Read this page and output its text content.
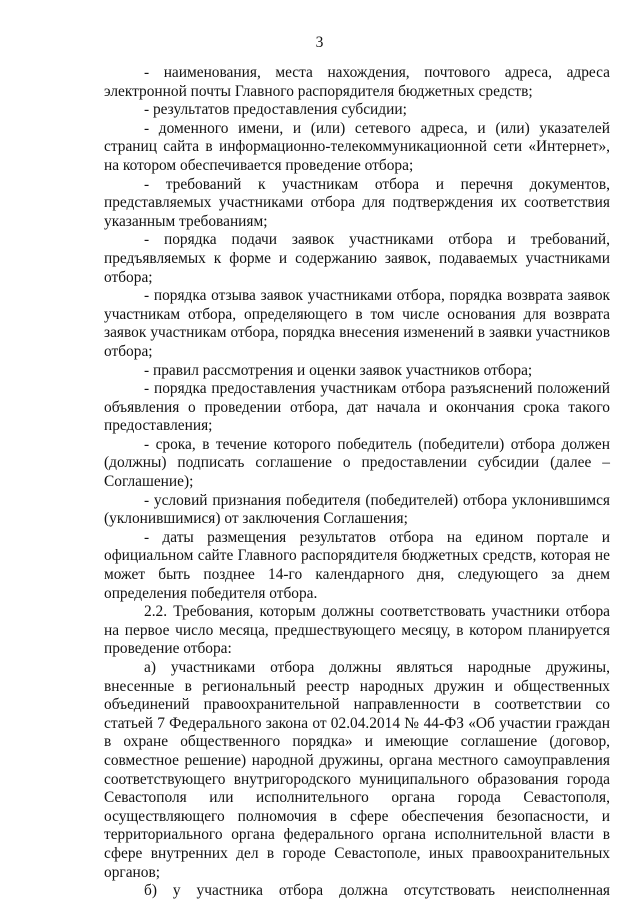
3

- наименования, места нахождения, почтового адреса, адреса электронной почты Главного распорядителя бюджетных средств;

- результатов предоставления субсидии;

- доменного имени, и (или) сетевого адреса, и (или) указателей страниц сайта в информационно-телекоммуникационной сети «Интернет», на котором обеспечивается проведение отбора;

- требований к участникам отбора и перечня документов, представляемых участниками отбора для подтверждения их соответствия указанным требованиям;

- порядка подачи заявок участниками отбора и требований, предъявляемых к форме и содержанию заявок, подаваемых участниками отбора;

- порядка отзыва заявок участниками отбора, порядка возврата заявок участникам отбора, определяющего в том числе основания для возврата заявок участникам отбора, порядка внесения изменений в заявки участников отбора;

- правил рассмотрения и оценки заявок участников отбора;

- порядка предоставления участникам отбора разъяснений положений объявления о проведении отбора, дат начала и окончания срока такого предоставления;

- срока, в течение которого победитель (победители) отбора должен (должны) подписать соглашение о предоставлении субсидии (далее – Соглашение);

- условий признания победителя (победителей) отбора уклонившимся (уклонившимися) от заключения Соглашения;

- даты размещения результатов отбора на едином портале и официальном сайте Главного распорядителя бюджетных средств, которая не может быть позднее 14-го календарного дня, следующего за днем определения победителя отбора.

2.2. Требования, которым должны соответствовать участники отбора на первое число месяца, предшествующего месяцу, в котором планируется проведение отбора:

а) участниками отбора должны являться народные дружины, внесенные в региональный реестр народных дружин и общественных объединений правоохранительной направленности в соответствии со статьей 7 Федерального закона от 02.04.2014 № 44-ФЗ «Об участии граждан в охране общественного порядка» и имеющие соглашение (договор, совместное решение) народной дружины, органа местного самоуправления соответствующего внутригородского муниципального образования города Севастополя или исполнительного органа города Севастополя, осуществляющего полномочия в сфере обеспечения безопасности, и территориального органа федерального органа исполнительной власти в сфере внутренних дел в городе Севастополе, иных правоохранительных органов;

б) у участника отбора должна отсутствовать неисполненная
